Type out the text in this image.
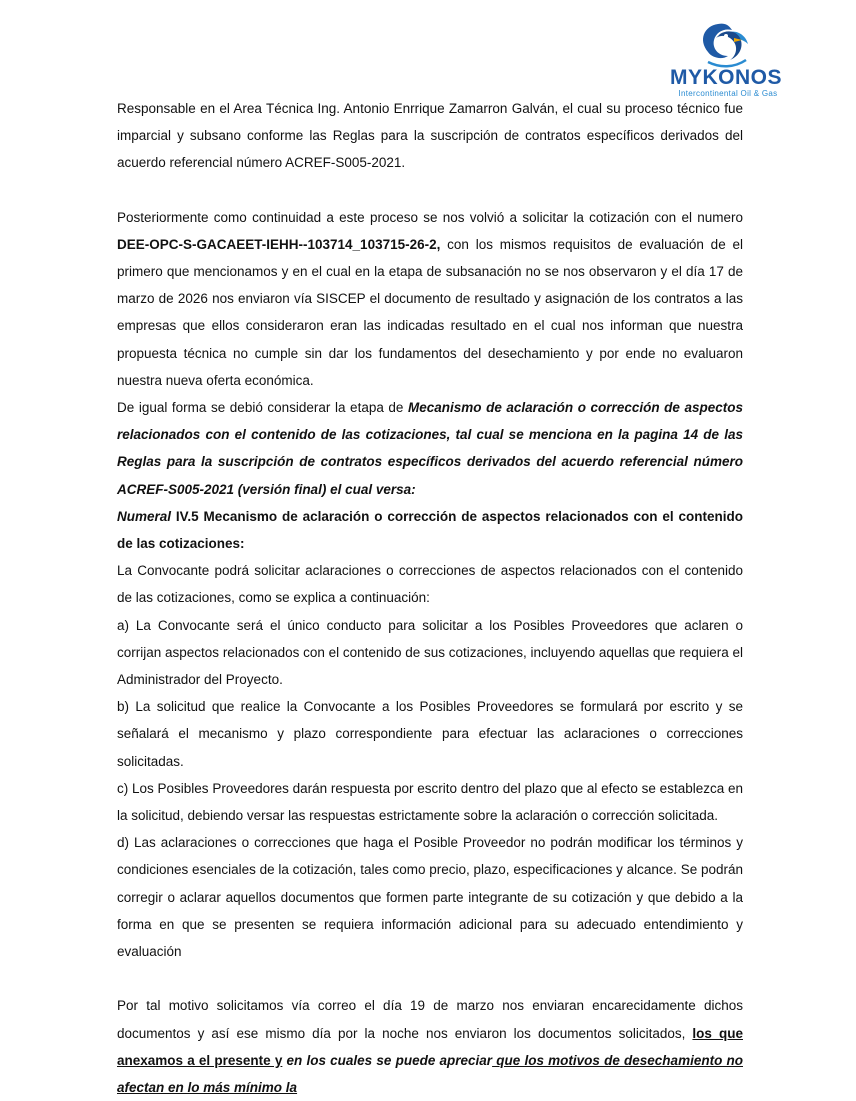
MYKONOS
Intercontinental Oil & Gas

Responsable en el Area Técnica Ing. Antonio Enrrique Zamarron Galván, el cual su proceso técnico fue imparcial y subsano conforme las Reglas para la suscripción de contratos específicos derivados del acuerdo referencial número ACREF-S005-2021.

Posteriormente como continuidad a este proceso se nos volvió a solicitar la cotización con el numero DEE-OPC-S-GACAEET-IEHH--103714_103715-26-2, con los mismos requisitos de evaluación de el primero que mencionamos y en el cual en la etapa de subsanación no se nos observaron y el día 17 de marzo de 2026 nos enviaron vía SISCEP el documento de resultado y asignación de los contratos a las empresas que ellos consideraron eran las indicadas resultado en el cual nos informan que nuestra propuesta técnica no cumple sin dar los fundamentos del desechamiento y por ende no evaluaron nuestra nueva oferta económica.

De igual forma se debió considerar la etapa de Mecanismo de aclaración o corrección de aspectos relacionados con el contenido de las cotizaciones, tal cual se menciona en la pagina 14 de las Reglas para la suscripción de contratos específicos derivados del acuerdo referencial número ACREF-S005-2021 (versión final) el cual versa:

Numeral IV.5 Mecanismo de aclaración o corrección de aspectos relacionados con el contenido de las cotizaciones:

La Convocante podrá solicitar aclaraciones o correcciones de aspectos relacionados con el contenido de las cotizaciones, como se explica a continuación:

a) La Convocante será el único conducto para solicitar a los Posibles Proveedores que aclaren o corrijan aspectos relacionados con el contenido de sus cotizaciones, incluyendo aquellas que requiera el Administrador del Proyecto.

b) La solicitud que realice la Convocante a los Posibles Proveedores se formulará por escrito y se señalará el mecanismo y plazo correspondiente para efectuar las aclaraciones o correcciones solicitadas.

c) Los Posibles Proveedores darán respuesta por escrito dentro del plazo que al efecto se establezca en la solicitud, debiendo versar las respuestas estrictamente sobre la aclaración o corrección solicitada.

d) Las aclaraciones o correcciones que haga el Posible Proveedor no podrán modificar los términos y condiciones esenciales de la cotización, tales como precio, plazo, especificaciones y alcance. Se podrán corregir o aclarar aquellos documentos que formen parte integrante de su cotización y que debido a la forma en que se presenten se requiera información adicional para su adecuado entendimiento y evaluación

Por tal motivo solicitamos vía correo el día 19 de marzo nos enviaran encarecidamente dichos documentos y así ese mismo día por la noche nos enviaron los documentos solicitados, los que anexamos a el presente y en los cuales se puede apreciar que los motivos de desechamiento no afectan en lo más mínimo la
